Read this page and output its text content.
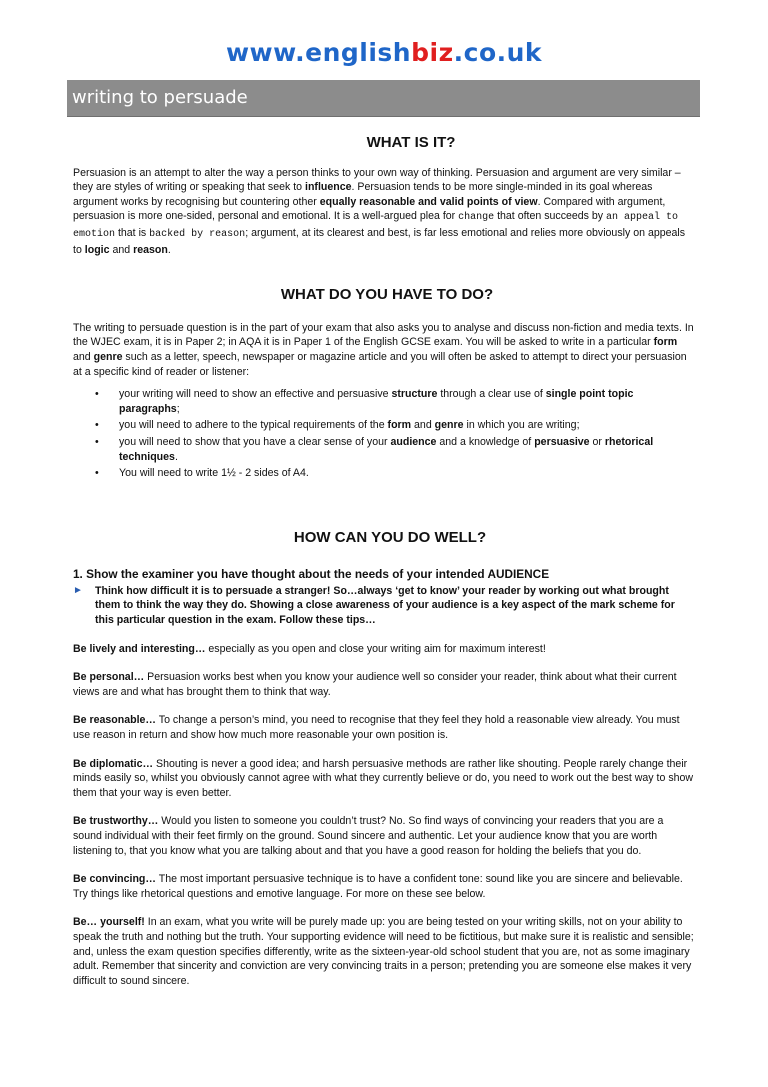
www.englishbiz.co.uk
writing to persuade
WHAT IS IT?

Persuasion is an attempt to alter the way a person thinks to your own way of thinking. Persuasion and argument are very similar – they are styles of writing or speaking that seek to influence. Persuasion tends to be more single-minded in its goal whereas argument works by recognising but countering other equally reasonable and valid points of view. Compared with argument, persuasion is more one-sided, personal and emotional. It is a well-argued plea for change that often succeeds by an appeal to emotion that is backed by reason; argument, at its clearest and best, is far less emotional and relies more obviously on appeals to logic and reason.

WHAT DO YOU HAVE TO DO?

The writing to persuade question is in the part of your exam that also asks you to analyse and discuss non-fiction and media texts. In the WJEC exam, it is in Paper 2; in AQA it is in Paper 1 of the English GCSE exam. You will be asked to write in a particular form and genre such as a letter, speech, newspaper or magazine article and you will often be asked to attempt to direct your persuasion at a specific kind of reader or listener:

• your writing will need to show an effective and persuasive structure through a clear use of single point topic paragraphs;
• you will need to adhere to the typical requirements of the form and genre in which you are writing;
• you will need to show that you have a clear sense of your audience and a knowledge of persuasive or rhetorical techniques.
• You will need to write 1½ - 2 sides of A4.
HOW CAN YOU DO WELL?

1. Show the examiner you have thought about the needs of your intended AUDIENCE

► Think how difficult it is to persuade a stranger! So…always ‘get to know’ your reader by working out what brought them to think the way they do. Showing a close awareness of your audience is a key aspect of the mark scheme for this particular question in the exam. Follow these tips…

Be lively and interesting… especially as you open and close your writing aim for maximum interest!

Be personal… Persuasion works best when you know your audience well so consider your reader, think about what their current views are and what has brought them to think that way.

Be reasonable… To change a person’s mind, you need to recognise that they feel they hold a reasonable view already. You must use reason in return and show how much more reasonable your own position is.

Be diplomatic… Shouting is never a good idea; and harsh persuasive methods are rather like shouting. People rarely change their minds easily so, whilst you obviously cannot agree with what they currently believe or do, you need to work out the best way to show them that your way is even better.

Be trustworthy… Would you listen to someone you couldn’t trust? No. So find ways of convincing your readers that you are a sound individual with their feet firmly on the ground. Sound sincere and authentic. Let your audience know that you are worth listening to, that you know what you are talking about and that you have a good reason for holding the beliefs that you do.

Be convincing… The most important persuasive technique is to have a confident tone: sound like you are sincere and believable. Try things like rhetorical questions and emotive language. For more on these see below.

Be… yourself! In an exam, what you write will be purely made up: you are being tested on your writing skills, not on your ability to speak the truth and nothing but the truth. Your supporting evidence will need to be fictitious, but make sure it is realistic and sensible; and, unless the exam question specifies differently, write as the sixteen-year-old school student that you are, not as some imaginary adult. Remember that sincerity and conviction are very convincing traits in a person; pretending you are someone else makes it very difficult to sound sincere.
